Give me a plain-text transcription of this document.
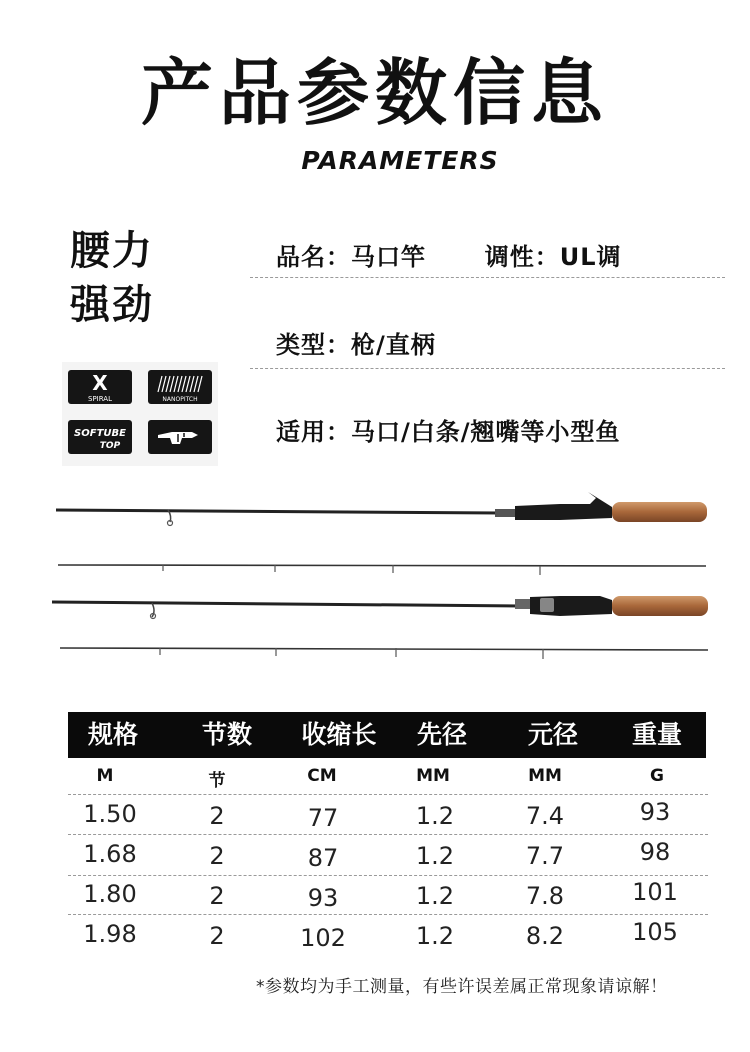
产品参数信息
PARAMETERS
腰力
强劲
X
SPIRAL	NANOPITCH
SOFTUBE
TOP
品名：马口竿 调性：UL调
类型：枪/直柄
适用：马口/白条/翘嘴等小型鱼
规格	节数	收缩长	先径	元径	重量
M	节	CM	MM	MM	G
1.50	2	77	1.2	7.4	93
1.68	2	87	1.2	7.7	98
1.80	2	93	1.2	7.8	101
1.98	2	102	1.2	8.2	105
*参数均为手工测量，有些许误差属正常现象请谅解！
